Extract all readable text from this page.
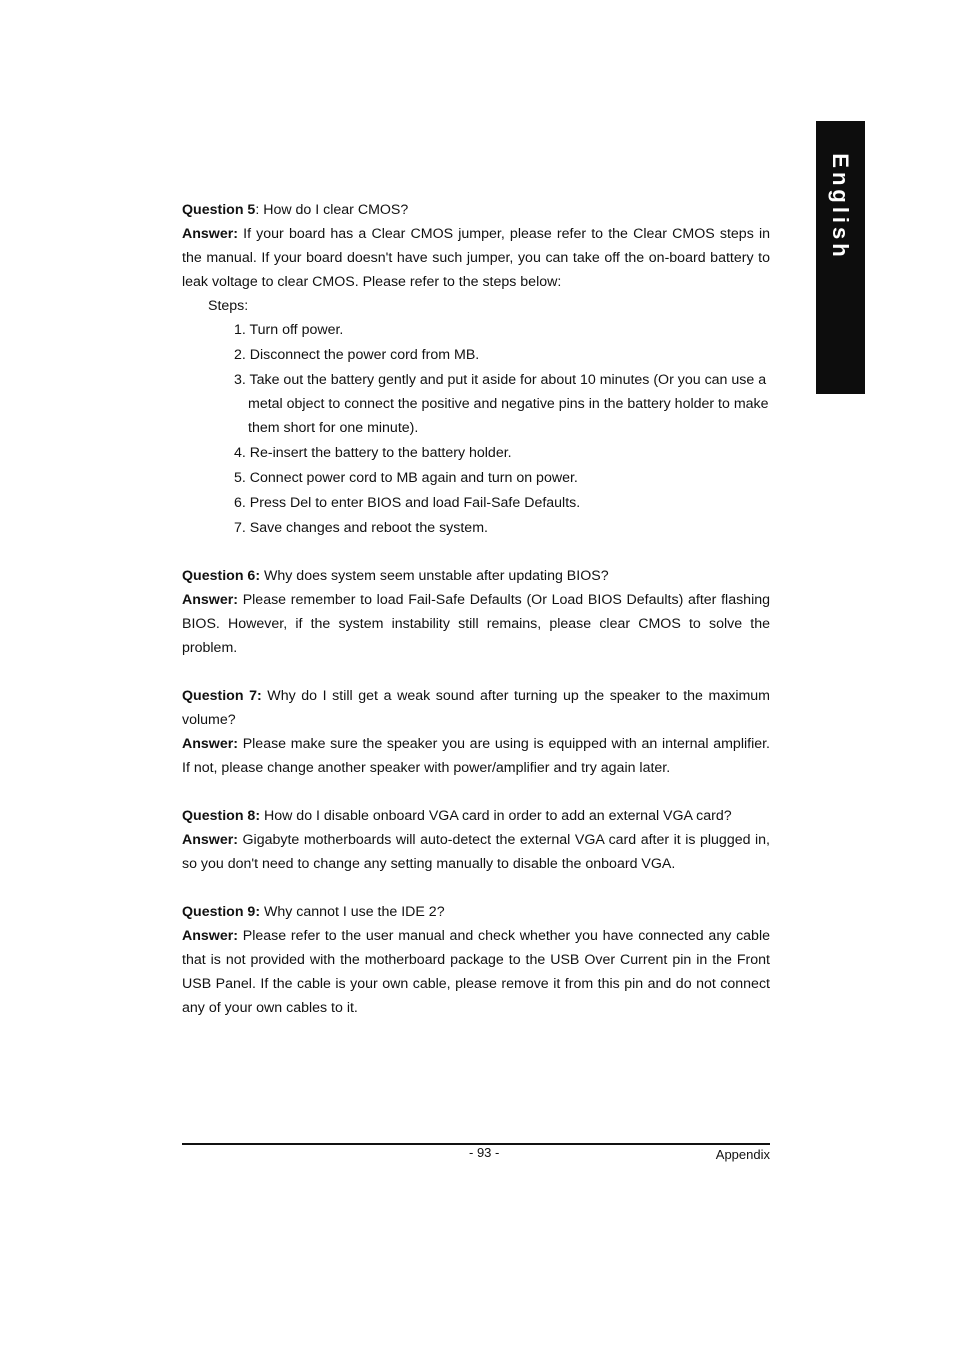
English

Question 5: How do I clear CMOS?

Answer: If your board has a Clear CMOS jumper, please refer to the Clear CMOS steps in the manual. If your board doesn't have such jumper, you can take off the on-board battery to leak voltage to clear CMOS. Please refer to the steps below:

Steps:

1. Turn off power.
2. Disconnect the power cord from MB.
3. Take out the battery gently and put it aside for about 10 minutes (Or you can use a metal object to connect the positive and negative pins in the battery holder to make them short for one minute).
4. Re-insert the battery to the battery holder.
5. Connect power cord to MB again and turn on power.
6. Press Del to enter BIOS and load Fail-Safe Defaults.
7. Save changes and reboot the system.

Question 6: Why does system seem unstable after updating BIOS?

Answer: Please remember to load Fail-Safe Defaults (Or Load BIOS Defaults) after flashing BIOS. However, if the system instability still remains, please clear CMOS to solve the problem.

Question 7: Why do I still get a weak sound after turning up the speaker to the maximum volume?

Answer: Please make sure the speaker you are using is equipped with an internal amplifier. If not, please change another speaker with power/amplifier and try again later.

Question 8: How do I disable onboard VGA card in order to add an external VGA card?

Answer: Gigabyte motherboards will auto-detect the external VGA card after it is plugged in, so you don't need to change any setting manually to disable the onboard VGA.

Question 9: Why cannot I use the IDE 2?

Answer: Please refer to the user manual and check whether you have connected any cable that is not provided with the motherboard package to the USB Over Current pin in the Front USB Panel. If the cable is your own cable, please remove it from this pin and do not connect any of your own cables to it.

- 93 -	Appendix
